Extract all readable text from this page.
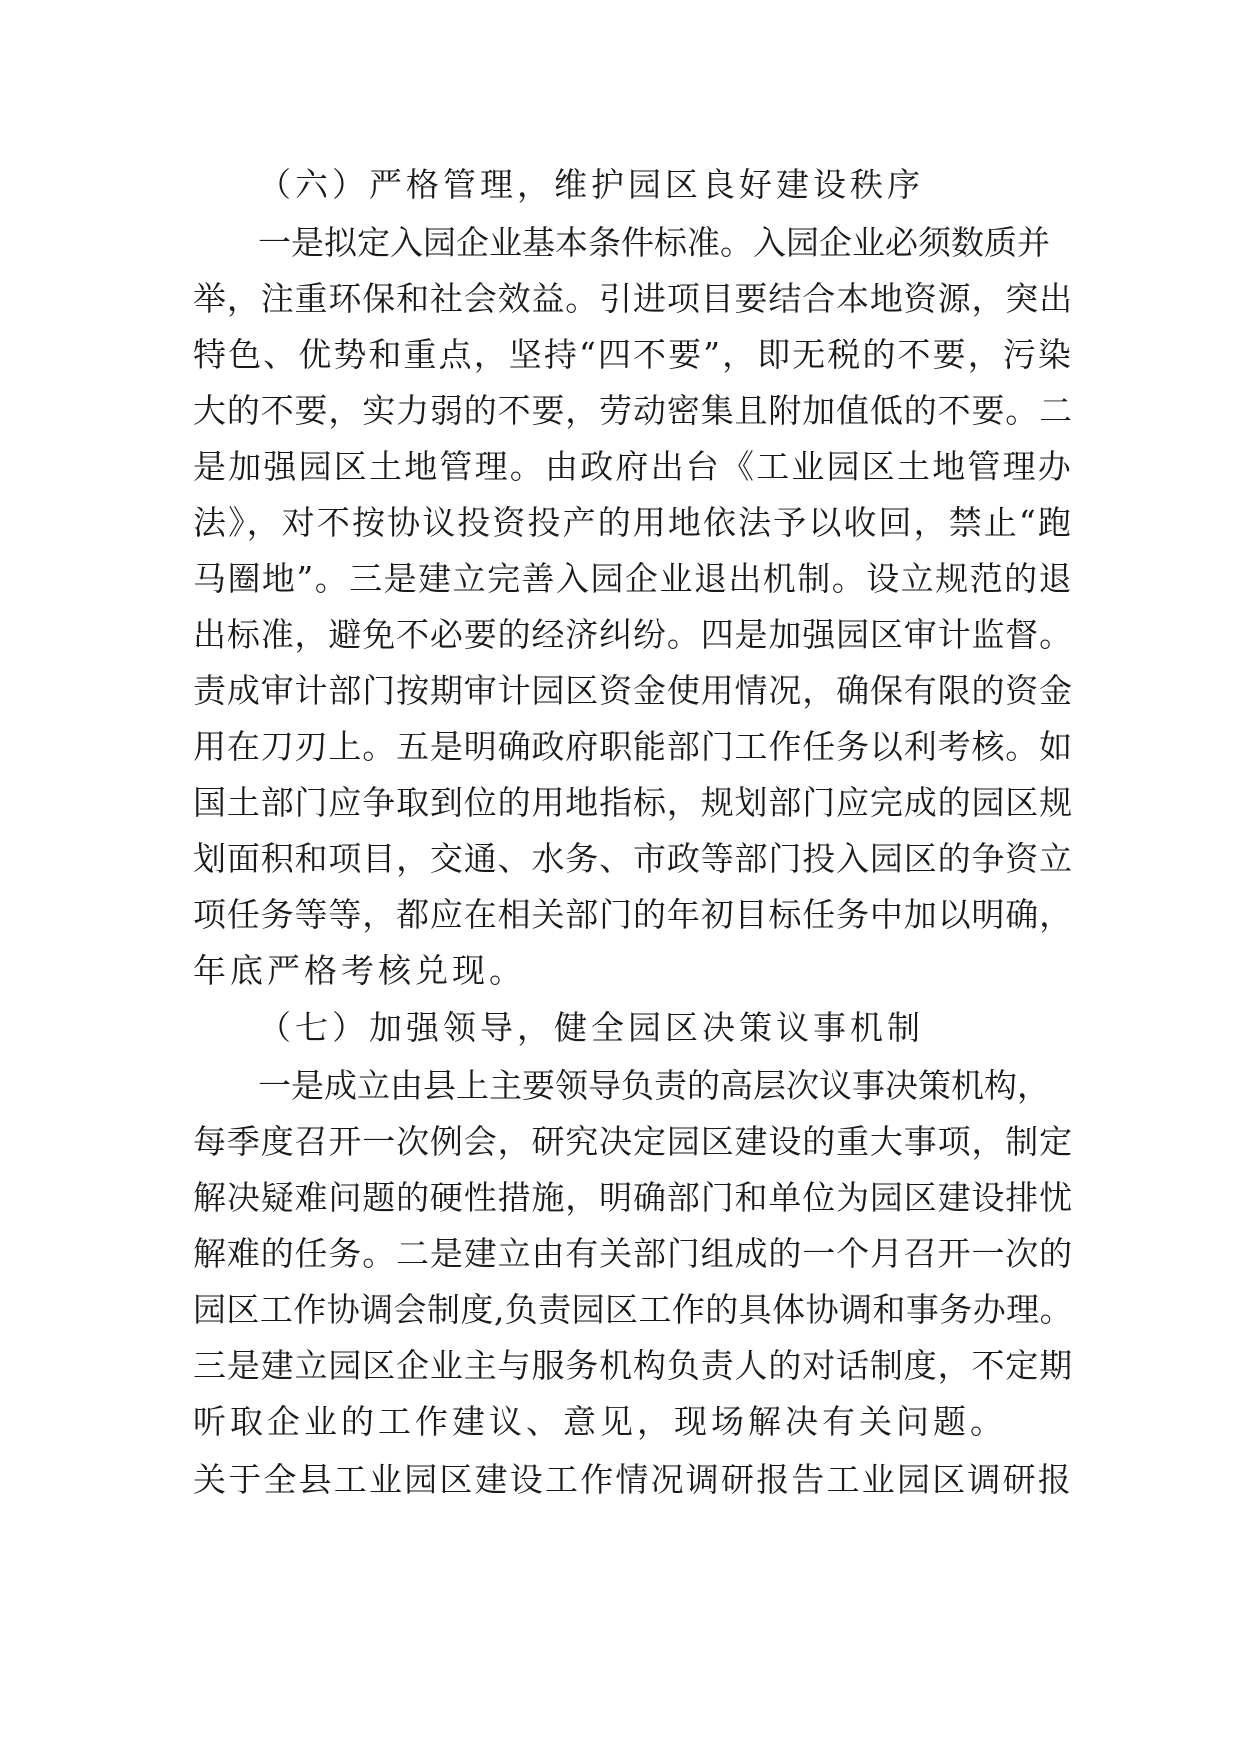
（六）严格管理，维护园区良好建设秩序
一是拟定入园企业基本条件标准。入园企业必须数质并
举，注重环保和社会效益。引进项目要结合本地资源，突出
特色、优势和重点，坚持“四不要”，即无税的不要，污染
大的不要，实力弱的不要，劳动密集且附加值低的不要。二
是加强园区土地管理。由政府出台《工业园区土地管理办
法》，对不按协议投资投产的用地依法予以收回，禁止“跑
马圈地”。三是建立完善入园企业退出机制。设立规范的退
出标准，避免不必要的经济纠纷。四是加强园区审计监督。
责成审计部门按期审计园区资金使用情况，确保有限的资金
用在刀刃上。五是明确政府职能部门工作任务以利考核。如
国土部门应争取到位的用地指标，规划部门应完成的园区规
划面积和项目，交通、水务、市政等部门投入园区的争资立
项任务等等，都应在相关部门的年初目标任务中加以明确，
年底严格考核兑现。
（七）加强领导，健全园区决策议事机制
一是成立由县上主要领导负责的高层次议事决策机构，
每季度召开一次例会，研究决定园区建设的重大事项，制定
解决疑难问题的硬性措施，明确部门和单位为园区建设排忧
解难的任务。二是建立由有关部门组成的一个月召开一次的
园区工作协调会制度,负责园区工作的具体协调和事务办理。
三是建立园区企业主与服务机构负责人的对话制度，不定期
听取企业的工作建议、意见，现场解决有关问题。
关于全县工业园区建设工作情况调研报告工业园区调研报
